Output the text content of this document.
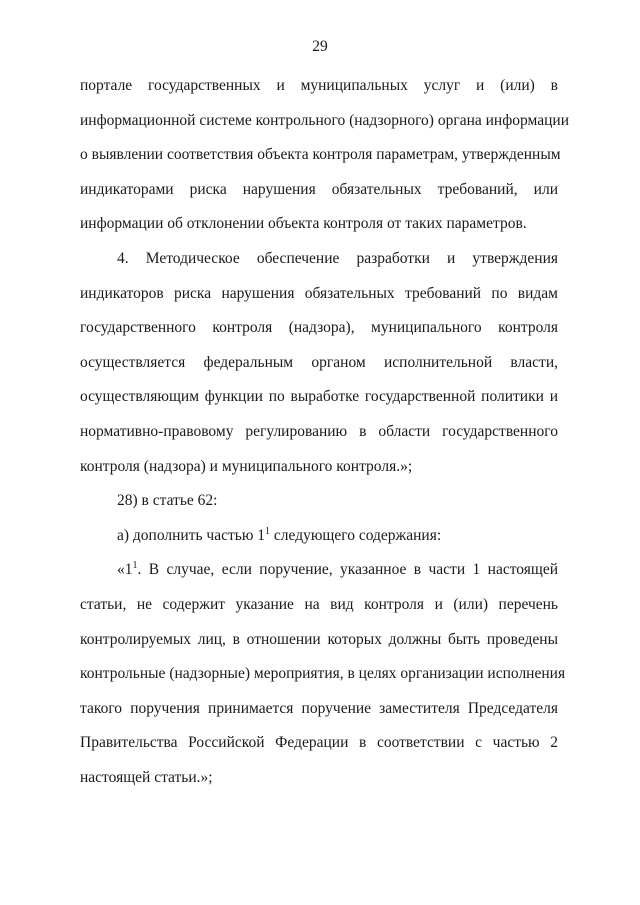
29
порталe государственных и муниципальных услуг и (или) в
информационной системе контрольного (надзорного) органа информации
о выявлении соответствия объекта контроля параметрам, утвержденным
индикаторами риска нарушения обязательных требований, или
информации об отклонении объекта контроля от таких параметров.
4. Методическое обеспечение разработки и утверждения
индикаторов риска нарушения обязательных требований по видам
государственного контроля (надзора), муниципального контроля
осуществляется федеральным органом исполнительной власти,
осуществляющим функции по выработке государственной политики и
нормативно-правовому регулированию в области государственного
контроля (надзора) и муниципального контроля.»;
28) в статье 62:
а) дополнить частью $1^1$ следующего содержания:
«$1^1$. В случае, если поручение, указанное в части 1 настоящей
статьи, не содержит указание на вид контроля и (или) перечень
контролируемых лиц, в отношении которых должны быть проведены
контрольные (надзорные) мероприятия, в целях организации исполнения
такого поручения принимается поручение заместителя Председателя
Правительства Российской Федерации в соответствии с частью 2
настоящей статьи.»;
